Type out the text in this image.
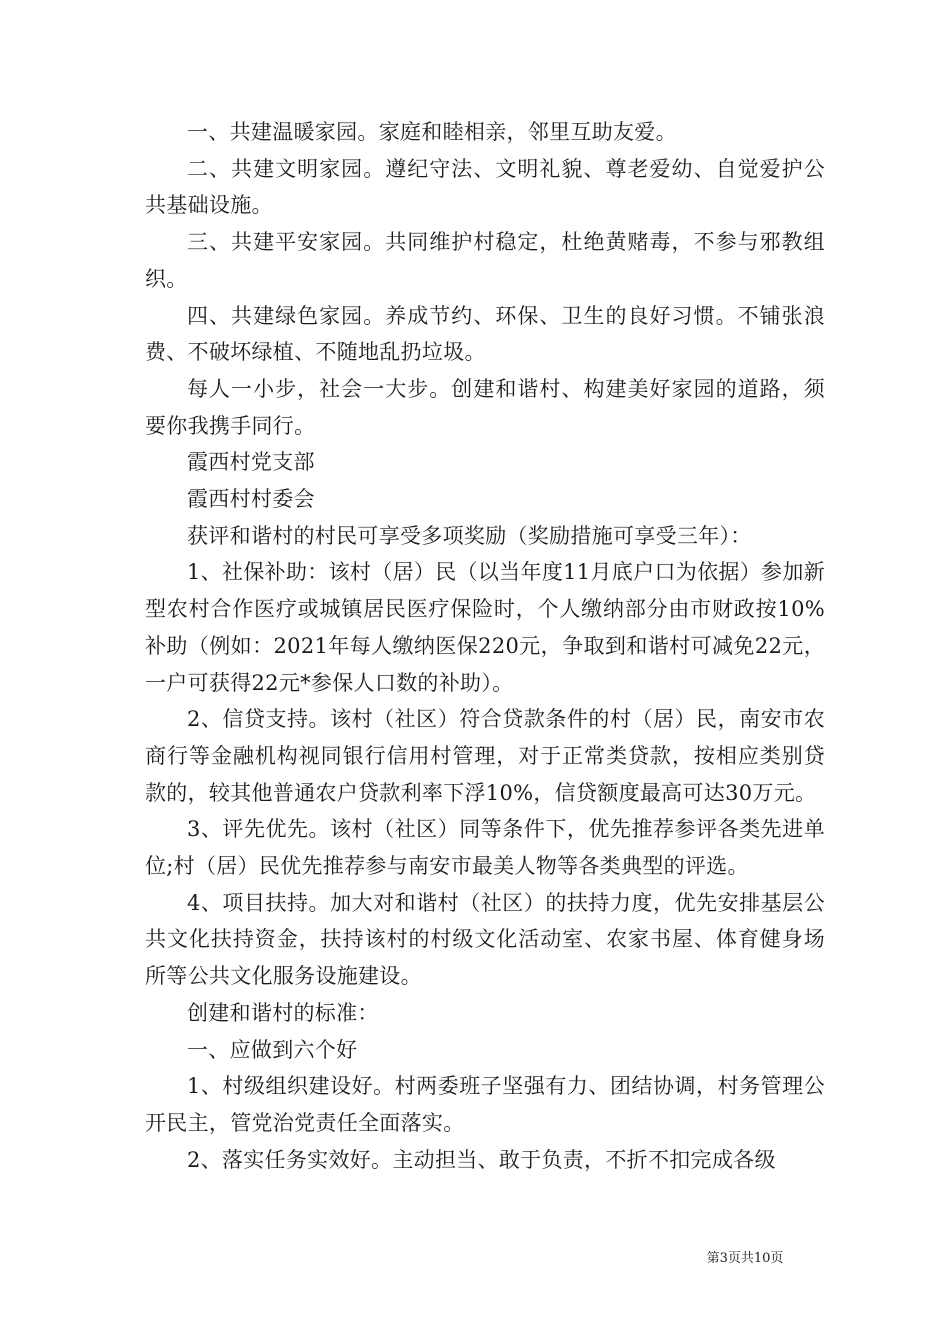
一、共建温暖家园。家庭和睦相亲，邻里互助友爱。

二、共建文明家园。遵纪守法、文明礼貌、尊老爱幼、自觉爱护公共基础设施。

三、共建平安家园。共同维护村稳定，杜绝黄赌毒，不参与邪教组织。

四、共建绿色家园。养成节约、环保、卫生的良好习惯。不铺张浪费、不破坏绿植、不随地乱扔垃圾。

每人一小步，社会一大步。创建和谐村、构建美好家园的道路，须要你我携手同行。

霞西村党支部

霞西村村委会

获评和谐村的村民可享受多项奖励（奖励措施可享受三年）：

1、社保补助：该村（居）民（以当年度11月底户口为依据）参加新型农村合作医疗或城镇居民医疗保险时，个人缴纳部分由市财政按10%补助（例如：2021年每人缴纳医保220元，争取到和谐村可减免22元，一户可获得22元*参保人口数的补助）。

2、信贷支持。该村（社区）符合贷款条件的村（居）民，南安市农商行等金融机构视同银行信用村管理，对于正常类贷款，按相应类别贷款的，较其他普通农户贷款利率下浮10%，信贷额度最高可达30万元。

3、评先优先。该村（社区）同等条件下，优先推荐参评各类先进单位;村（居）民优先推荐参与南安市最美人物等各类典型的评选。

4、项目扶持。加大对和谐村（社区）的扶持力度，优先安排基层公共文化扶持资金，扶持该村的村级文化活动室、农家书屋、体育健身场所等公共文化服务设施建设。

创建和谐村的标准：

一、应做到六个好

1、村级组织建设好。村两委班子坚强有力、团结协调，村务管理公开民主，管党治党责任全面落实。

2、落实任务实效好。主动担当、敢于负责，不折不扣完成各级

第3页共10页
